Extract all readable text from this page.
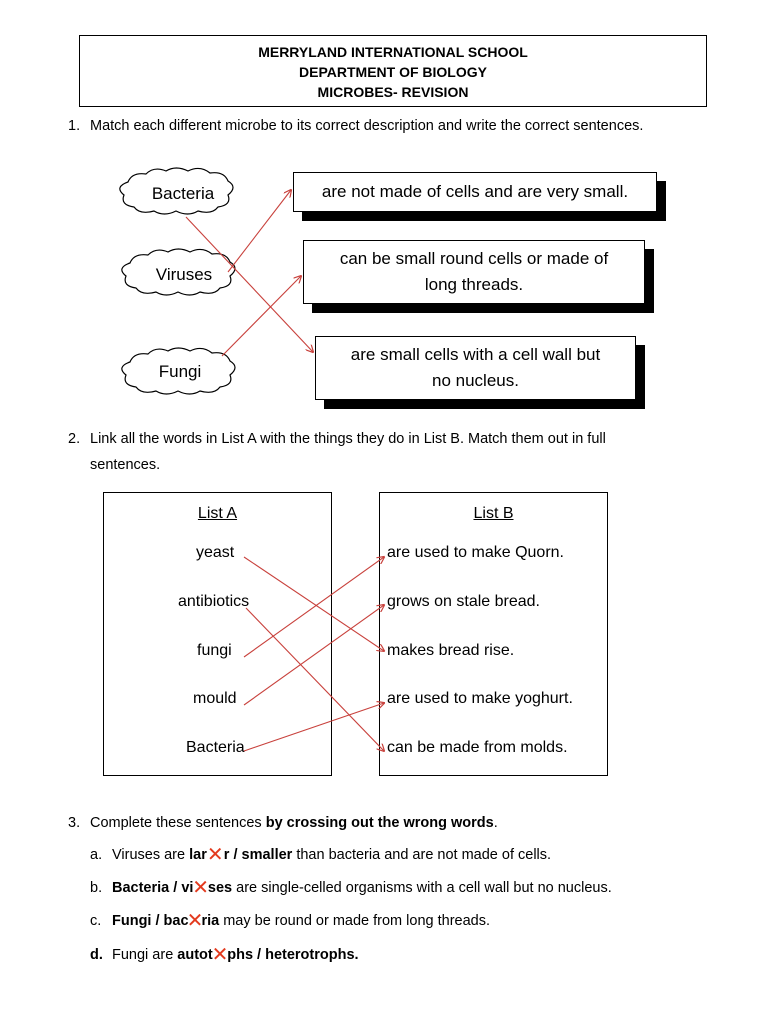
MERRYLAND INTERNATIONAL SCHOOL
DEPARTMENT OF BIOLOGY
MICROBES- REVISION
1. Match each different microbe to its correct description and write the correct sentences.
Bacteria
Viruses
Fungi
are not made of cells and are very small.
can be small round cells or made of
long threads.
are small cells with a cell wall but
no nucleus.
2. Link all the words in List A with the things they do in List B. Match them out in full
sentences.
List A	List B
yeast
antibiotics
fungi
mould
Bacteria
are used to make Quorn.
grows on stale bread.
makes bread rise.
are used to make yoghurt.
can be made from molds.
3. Complete these sentences by crossing out the wrong words.
a. Viruses are lar ✕ r / smaller than bacteria and are not made of cells.
b. Bacteria / vi
✕
ses are single-celled organisms with a cell wall but no nucleus.
c. Fungi / bac
✕
ria may be round or made from long threads.
d. Fungi are autot
✕
phs / heterotrophs.
